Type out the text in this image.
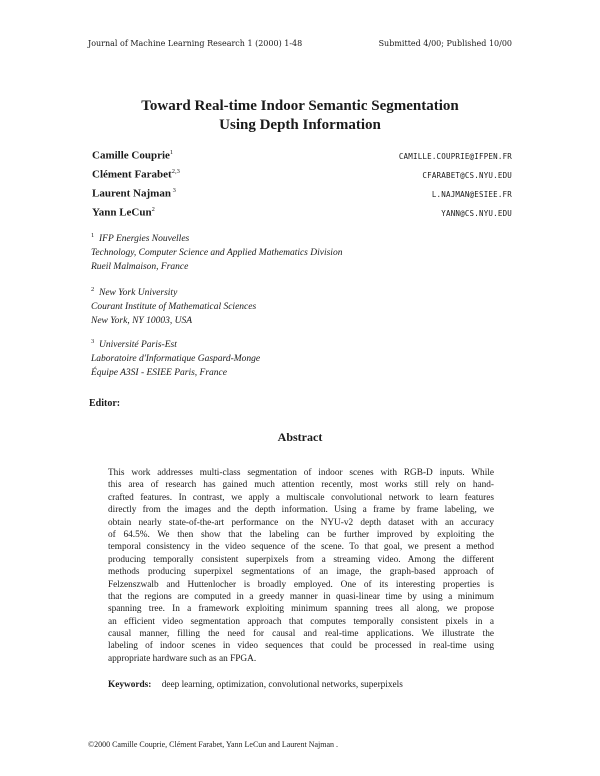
Journal of Machine Learning Research 1 (2000) 1-48	Submitted 4/00; Published 10/00
Toward Real-time Indoor Semantic Segmentation
Using Depth Information
Camille Couprie$^1$	CAMILLE.COUPRIE@IFPEN.FR
Clément Farabet$^{2,3}$	CFARABET@CS.NYU.EDU
Laurent Najman $^3$	L.NAJMAN@ESIEE.FR
Yann LeCun$^2$	YANN@CS.NYU.EDU
$^1$ IFP Energies Nouvelles
Technology, Computer Science and Applied Mathematics Division
Rueil Malmaison, France
$^2$ New York University
Courant Institute of Mathematical Sciences
New York, NY 10003, USA
$^3$ Université Paris-Est
Laboratoire d'Informatique Gaspard-Monge
Équipe A3SI - ESIEE Paris, France
Editor:
Abstract
This work addresses multi-class segmentation of indoor scenes with RGB-D inputs. While
this area of research has gained much attention recently, most works still rely on hand-
crafted features. In contrast, we apply a multiscale convolutional network to learn features
directly from the images and the depth information. Using a frame by frame labeling, we
obtain nearly state-of-the-art performance on the NYU-v2 depth dataset with an accuracy
of 64.5%. We then show that the labeling can be further improved by exploiting the
temporal consistency in the video sequence of the scene. To that goal, we present a method
producing temporally consistent superpixels from a streaming video. Among the different
methods producing superpixel segmentations of an image, the graph-based approach of
Felzenszwalb and Huttenlocher is broadly employed. One of its interesting properties is
that the regions are computed in a greedy manner in quasi-linear time by using a minimum
spanning tree. In a framework exploiting minimum spanning trees all along, we propose
an efficient video segmentation approach that computes temporally consistent pixels in a
causal manner, filling the need for causal and real-time applications. We illustrate the
labeling of indoor scenes in video sequences that could be processed in real-time using
appropriate hardware such as an FPGA.
Keywords: deep learning, optimization, convolutional networks, superpixels
©2000 Camille Couprie, Clément Farabet, Yann LeCun and Laurent Najman .
